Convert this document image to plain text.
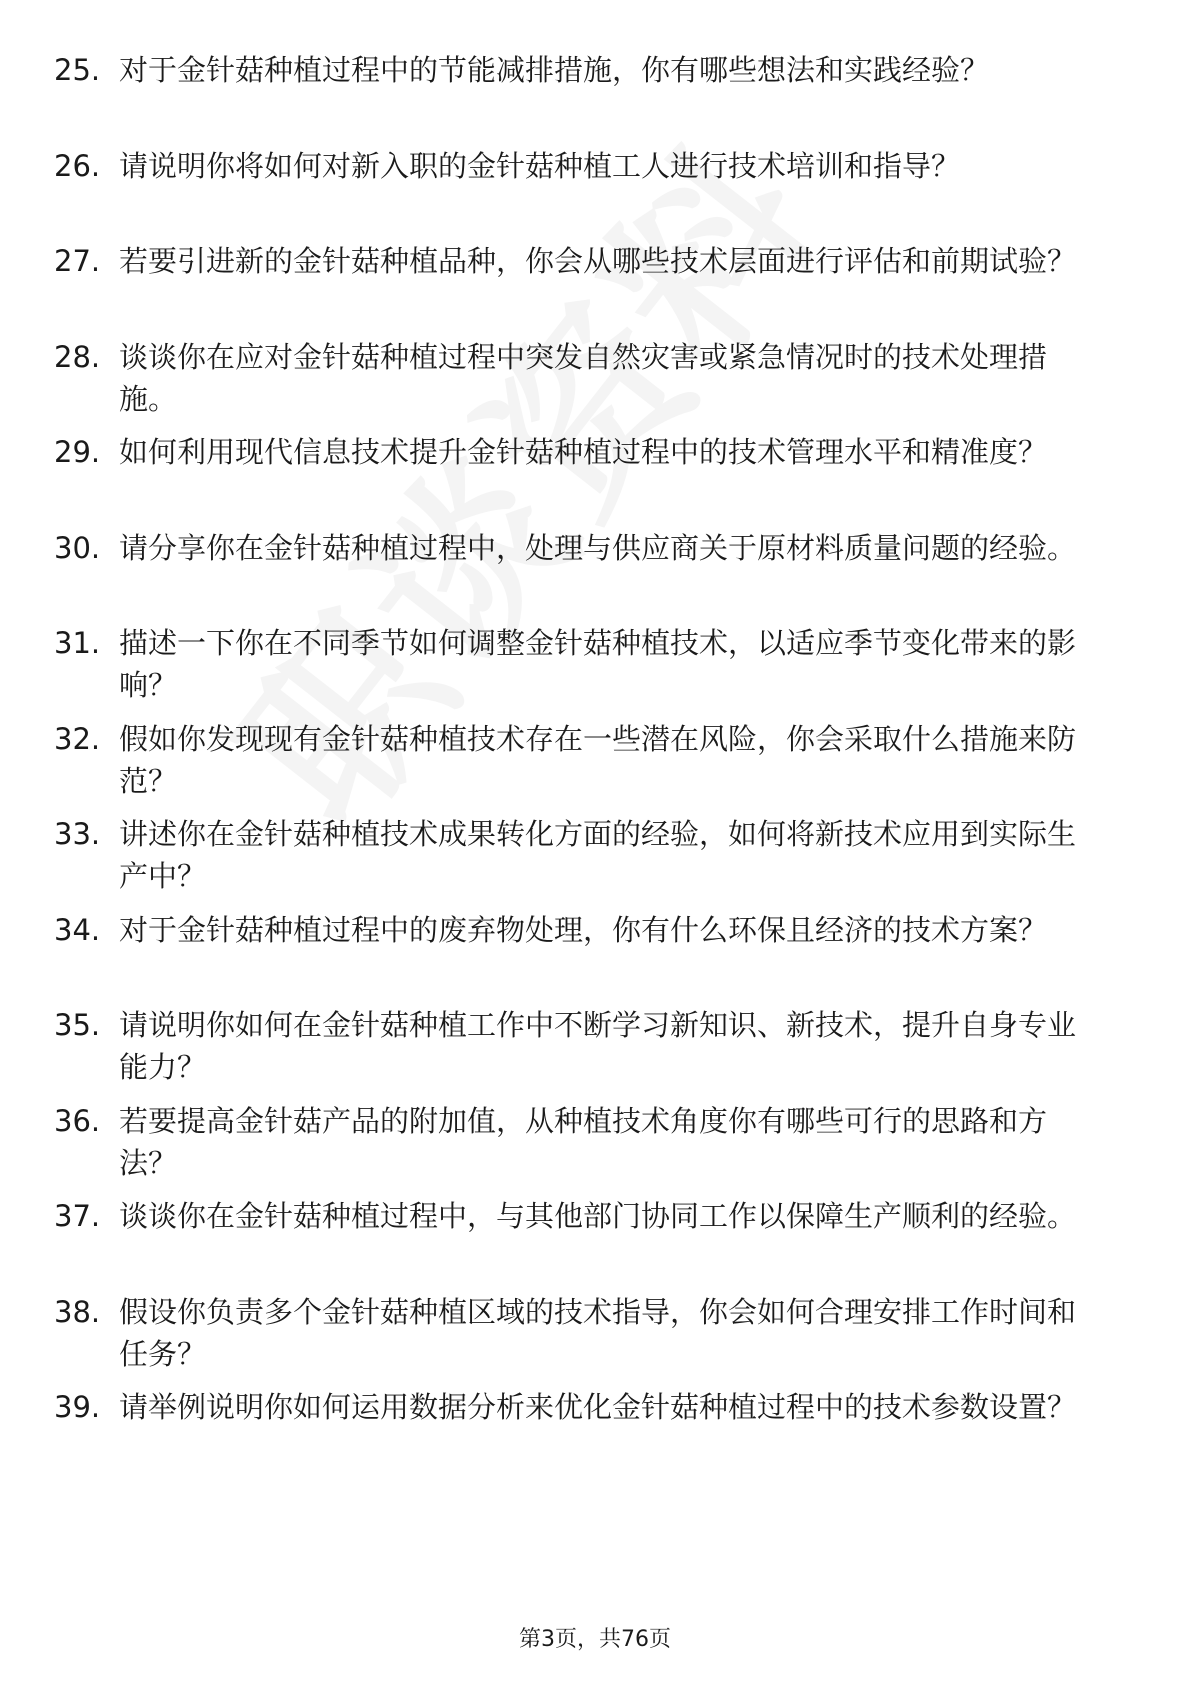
25. 对于金针菇种植过程中的节能减排措施，你有哪些想法和实践经验？
26. 请说明你将如何对新入职的金针菇种植工人进行技术培训和指导？
27. 若要引进新的金针菇种植品种，你会从哪些技术层面进行评估和前期试验？
28. 谈谈你在应对金针菇种植过程中突发自然灾害或紧急情况时的技术处理措施。
29. 如何利用现代信息技术提升金针菇种植过程中的技术管理水平和精准度？
30. 请分享你在金针菇种植过程中，处理与供应商关于原材料质量问题的经验。
31. 描述一下你在不同季节如何调整金针菇种植技术，以适应季节变化带来的影响？
32. 假如你发现现有金针菇种植技术存在一些潜在风险，你会采取什么措施来防范？
33. 讲述你在金针菇种植技术成果转化方面的经验，如何将新技术应用到实际生产中？
34. 对于金针菇种植过程中的废弃物处理，你有什么环保且经济的技术方案？
35. 请说明你如何在金针菇种植工作中不断学习新知识、新技术，提升自身专业能力？
36. 若要提高金针菇产品的附加值，从种植技术角度你有哪些可行的思路和方法？
37. 谈谈你在金针菇种植过程中，与其他部门协同工作以保障生产顺利的经验。
38. 假设你负责多个金针菇种植区域的技术指导，你会如何合理安排工作时间和任务？
39. 请举例说明你如何运用数据分析来优化金针菇种植过程中的技术参数设置？
第3页，共76页
